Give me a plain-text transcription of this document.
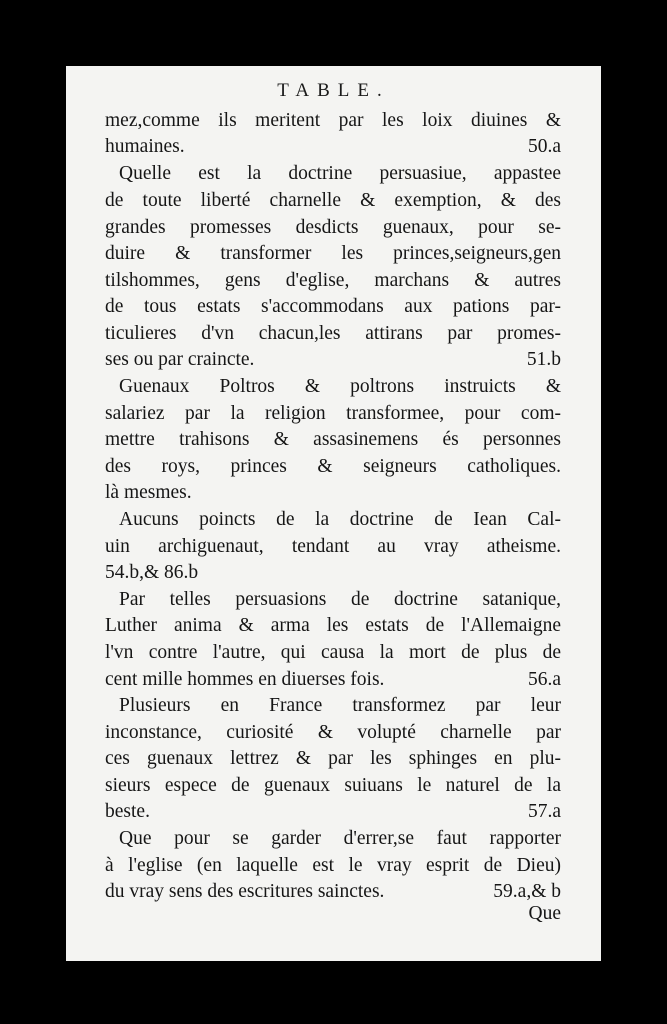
TABLE.
mez,comme ils meritent par les loix diuines &
humaines.	50.a
Quelle est la doctrine persuasiue, appastee
de toute liberté charnelle & exemption, & des
grandes promesses desdicts guenaux, pour se-
duire & transformer les princes,seigneurs,gen
tilshommes, gens d'eglise, marchans & autres
de tous estats s'accommodans aux pations par-
ticulieres d'vn chacun,les attirans par promes-
ses ou par craincte.	51.b
Guenaux Poltros & poltrons instruicts &
salariez par la religion transformee, pour com-
mettre trahisons & assasinemens és personnes
des roys, princes & seigneurs catholiques.
là mesmes.
Aucuns poincts de la doctrine de Iean Cal-
uin archiguenaut, tendant au vray atheisme.
54.b,& 86.b
Par telles persuasions de doctrine satanique,
Luther anima & arma les estats de l'Allemaigne
l'vn contre l'autre, qui causa la mort de plus de
cent mille hommes en diuerses fois.	56.a
Plusieurs en France transformez par leur
inconstance, curiosité & volupté charnelle par
ces guenaux lettrez & par les sphinges en plu-
sieurs espece de guenaux suiuans le naturel de la
beste.	57.a
Que pour se garder d'errer,se faut rapporter
à l'eglise (en laquelle est le vray esprit de Dieu)
du vray sens des escritures sainctes.	59.a,& b
Que
